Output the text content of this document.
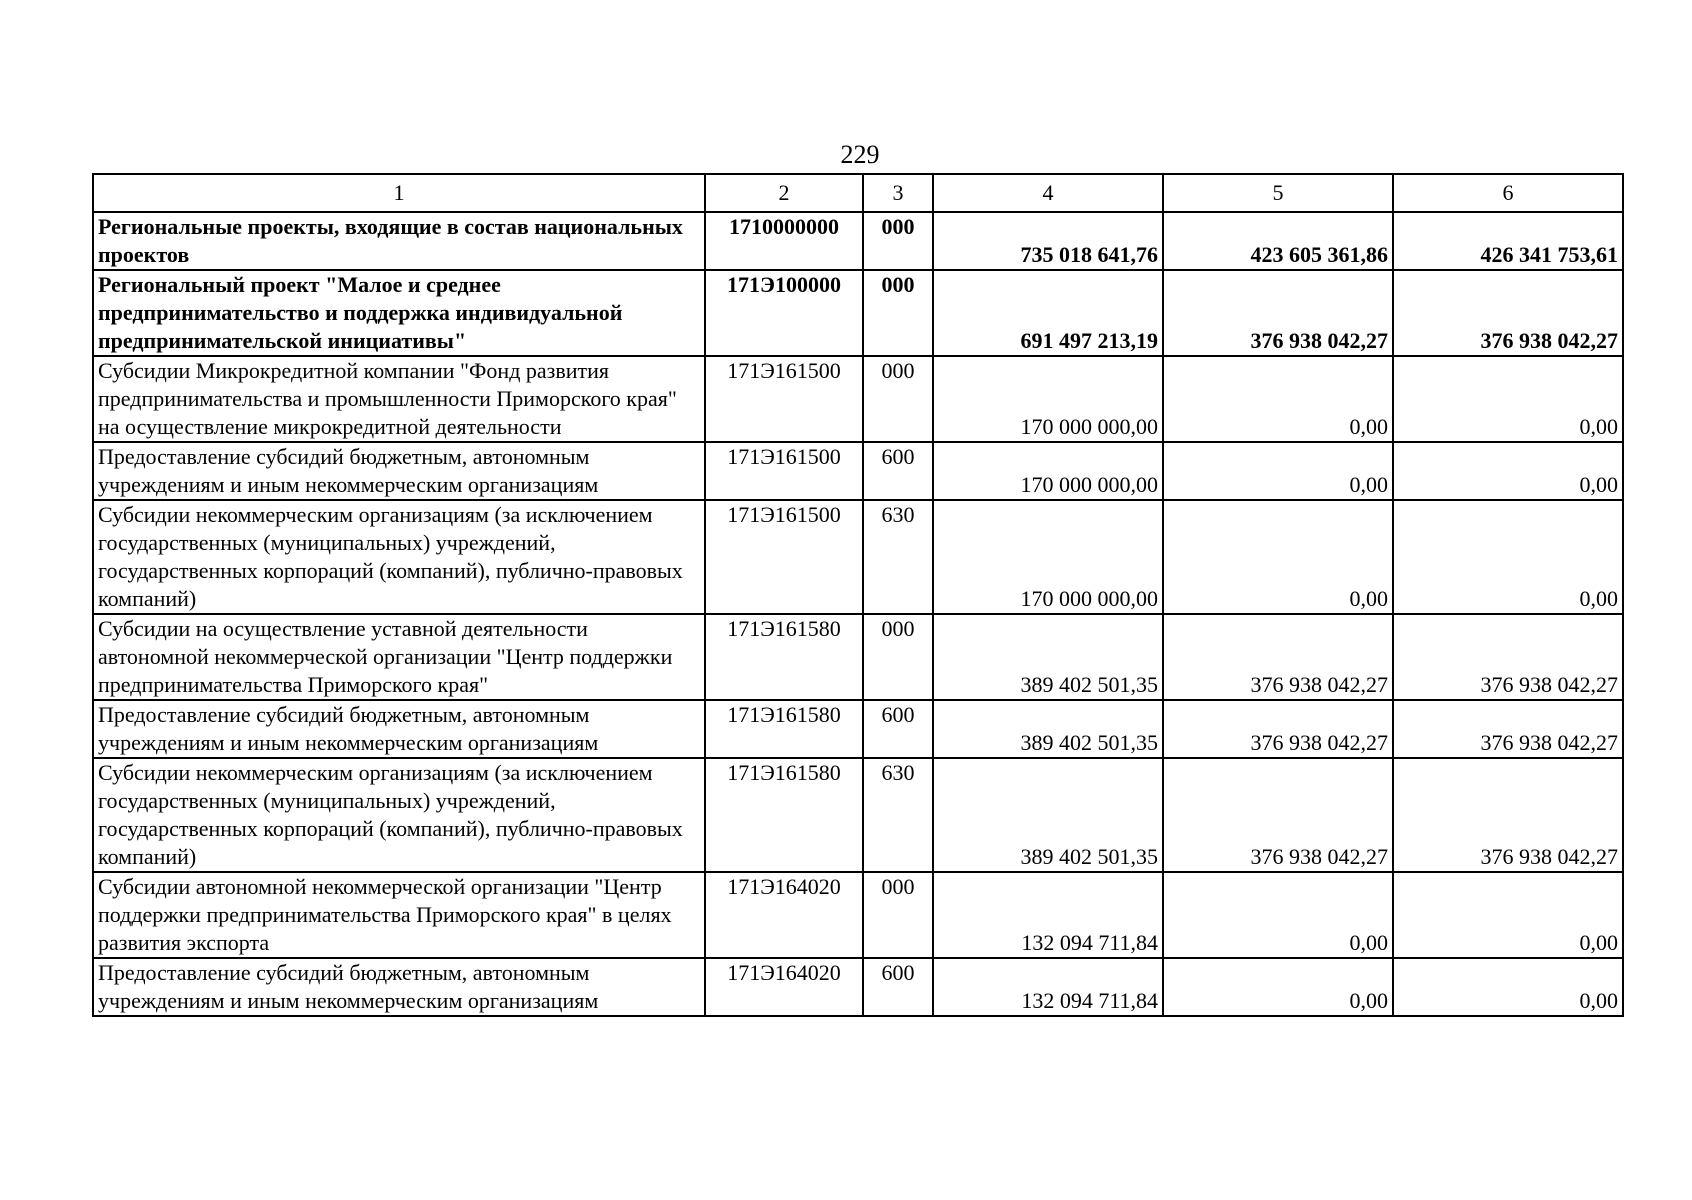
229
1	2	3	4	5	6
Региональные проекты, входящие в состав национальных проектов	1710000000	000	735 018 641,76	423 605 361,86	426 341 753,61
Региональный проект "Малое и среднее предпринимательство и поддержка индивидуальной предпринимательской инициативы"	171Э100000	000	691 497 213,19	376 938 042,27	376 938 042,27
Субсидии Микрокредитной компании "Фонд развития предпринимательства и промышленности Приморского края" на осуществление микрокредитной деятельности	171Э161500	000	170 000 000,00	0,00	0,00
Предоставление субсидий бюджетным, автономным учреждениям и иным некоммерческим организациям	171Э161500	600	170 000 000,00	0,00	0,00
Субсидии некоммерческим организациям (за исключением государственных (муниципальных) учреждений, государственных корпораций (компаний), публично-правовых компаний)	171Э161500	630	170 000 000,00	0,00	0,00
Субсидии на осуществление уставной деятельности автономной некоммерческой организации "Центр поддержки предпринимательства Приморского края"	171Э161580	000	389 402 501,35	376 938 042,27	376 938 042,27
Предоставление субсидий бюджетным, автономным учреждениям и иным некоммерческим организациям	171Э161580	600	389 402 501,35	376 938 042,27	376 938 042,27
Субсидии некоммерческим организациям (за исключением государственных (муниципальных) учреждений, государственных корпораций (компаний), публично-правовых компаний)	171Э161580	630	389 402 501,35	376 938 042,27	376 938 042,27
Субсидии автономной некоммерческой организации "Центр поддержки предпринимательства Приморского края" в целях развития экспорта	171Э164020	000	132 094 711,84	0,00	0,00
Предоставление субсидий бюджетным, автономным учреждениям и иным некоммерческим организациям	171Э164020	600	132 094 711,84	0,00	0,00
